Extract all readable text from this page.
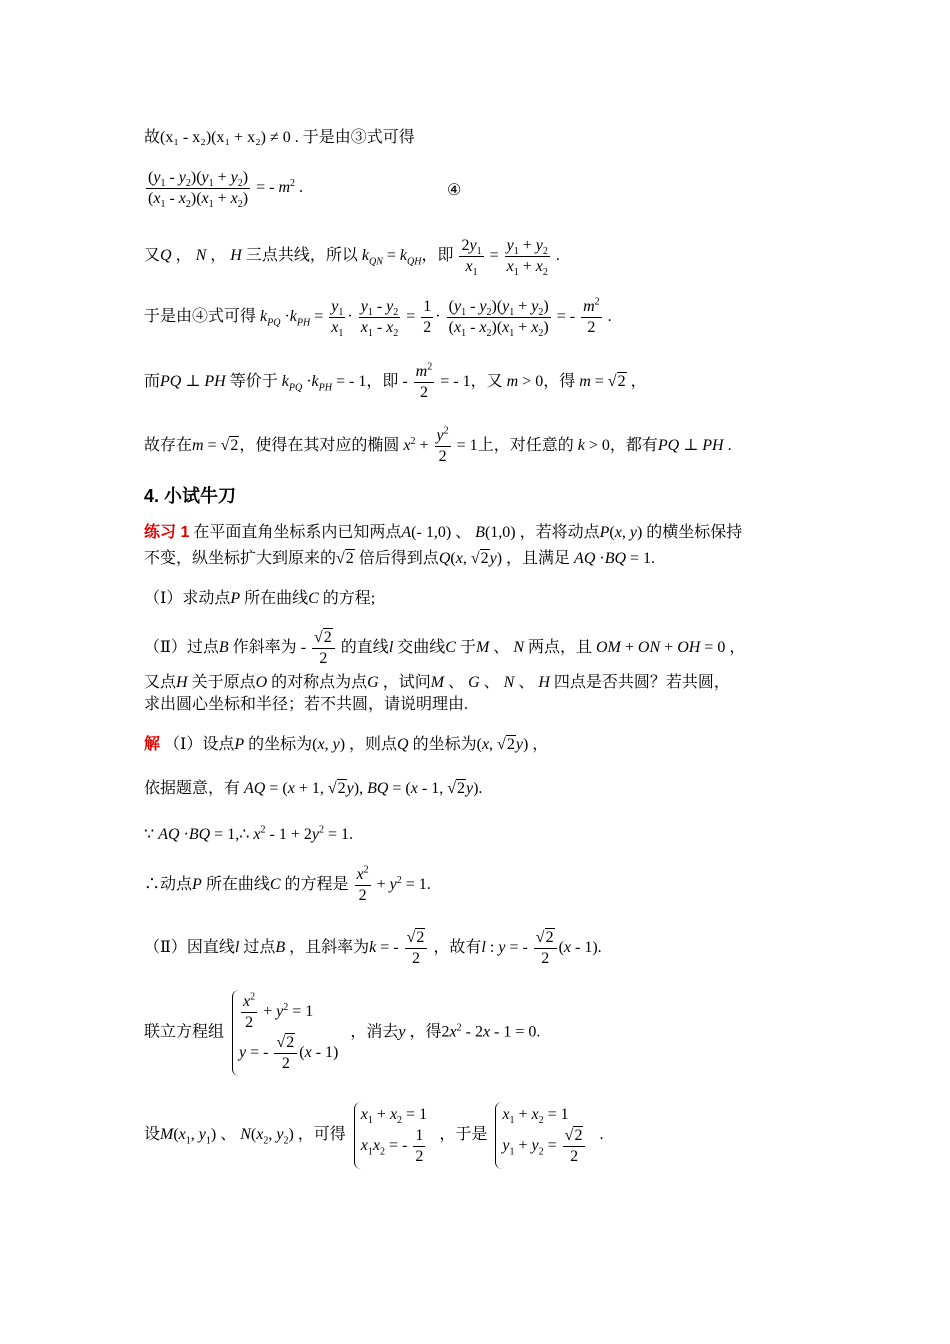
故(x₁ - x₂)(x₁ + x₂) ≠ 0 . 于是由③式可得
$\frac{(y_1 - y_2)(y_1 + y_2)}{(x_1 - x_2)(x_1 + x_2)}$ = - $m^2$ .	④
又Q ， N ， H 三点共线，所以 $k_{QN} = k_{QH}$，即 $\frac{2y_1}{x_1} = \frac{y_1 + y_2}{x_1 + x_2}$ .
于是由④式可得 $k_{PQ} \cdot k_{PH} = \frac{y_1}{x_1} \cdot \frac{y_1 - y_2}{x_1 - x_2} = \frac{1}{2} \cdot \frac{(y_1 - y_2)(y_1 + y_2)}{(x_1 - x_2)(x_1 + x_2)}$ = - $\frac{m^2}{2}$ .
而PQ ⊥ PH 等价于 $k_{PQ} \cdot k_{PH}$ = - 1，即 - $\frac{m^2}{2}$ = - 1，又 m > 0，得 m = √2 ，
故存在m = √2，使得在其对应的椭圆 $x^2 + \frac{y^2}{2} = 1$上，对任意的 k > 0，都有PQ ⊥ PH .
4. 小试牛刀
练习 1 在平面直角坐标系内已知两点A(- 1,0) 、 B(1,0) ，若将动点P(x, y) 的横坐标保持
不变，纵坐标扩大到原来的√2 倍后得到点Q(x, √2y) ，且满足 AQ ·BQ = 1.
（Ⅰ）求动点P 所在曲线C 的方程;
（Ⅱ）过点B 作斜率为 - $\frac{√2}{2}$ 的直线l 交曲线C 于M 、 N 两点，且 OM + ON + OH = 0 ，
又点H 关于原点O 的对称点为点G ，试问M 、 G 、 N 、 H 四点是否共圆？若共圆，
求出圆心坐标和半径；若不共圆，请说明理由.
解 （Ⅰ）设点P 的坐标为(x, y) ，则点Q 的坐标为(x, √2y) ，
依据题意，有 AQ = (x + 1, √2y), BQ = (x - 1, √2y).
∵ AQ ·BQ = 1,∴ $x^2 - 1 + 2y^2 = 1$.
∴动点P 所在曲线C 的方程是 $\frac{x^2}{2} + y^2 = 1$.
（Ⅱ）因直线l 过点B ，且斜率为k = - $\frac{√2}{2}$ ，故有l : y = - $\frac{√2}{2} (x - 1)$.
联立方程组 $\frac{x^2}{2} + y^2 = 1$
y = - $\frac{√2}{2} (x - 1)$
，消去y ，得$2x^2 - 2x - 1 = 0$.
设$M(x_1$, $y_1$) 、 $N(x_2$, $y_2$) ，可得
$x_1 + x_2 = 1$
$x_1x_2$ = - $\frac{1}{2}$ ，于是
$x_1 + x_2 = 1$
$y_1 + y_2 = \frac{√2}{2}$ .
